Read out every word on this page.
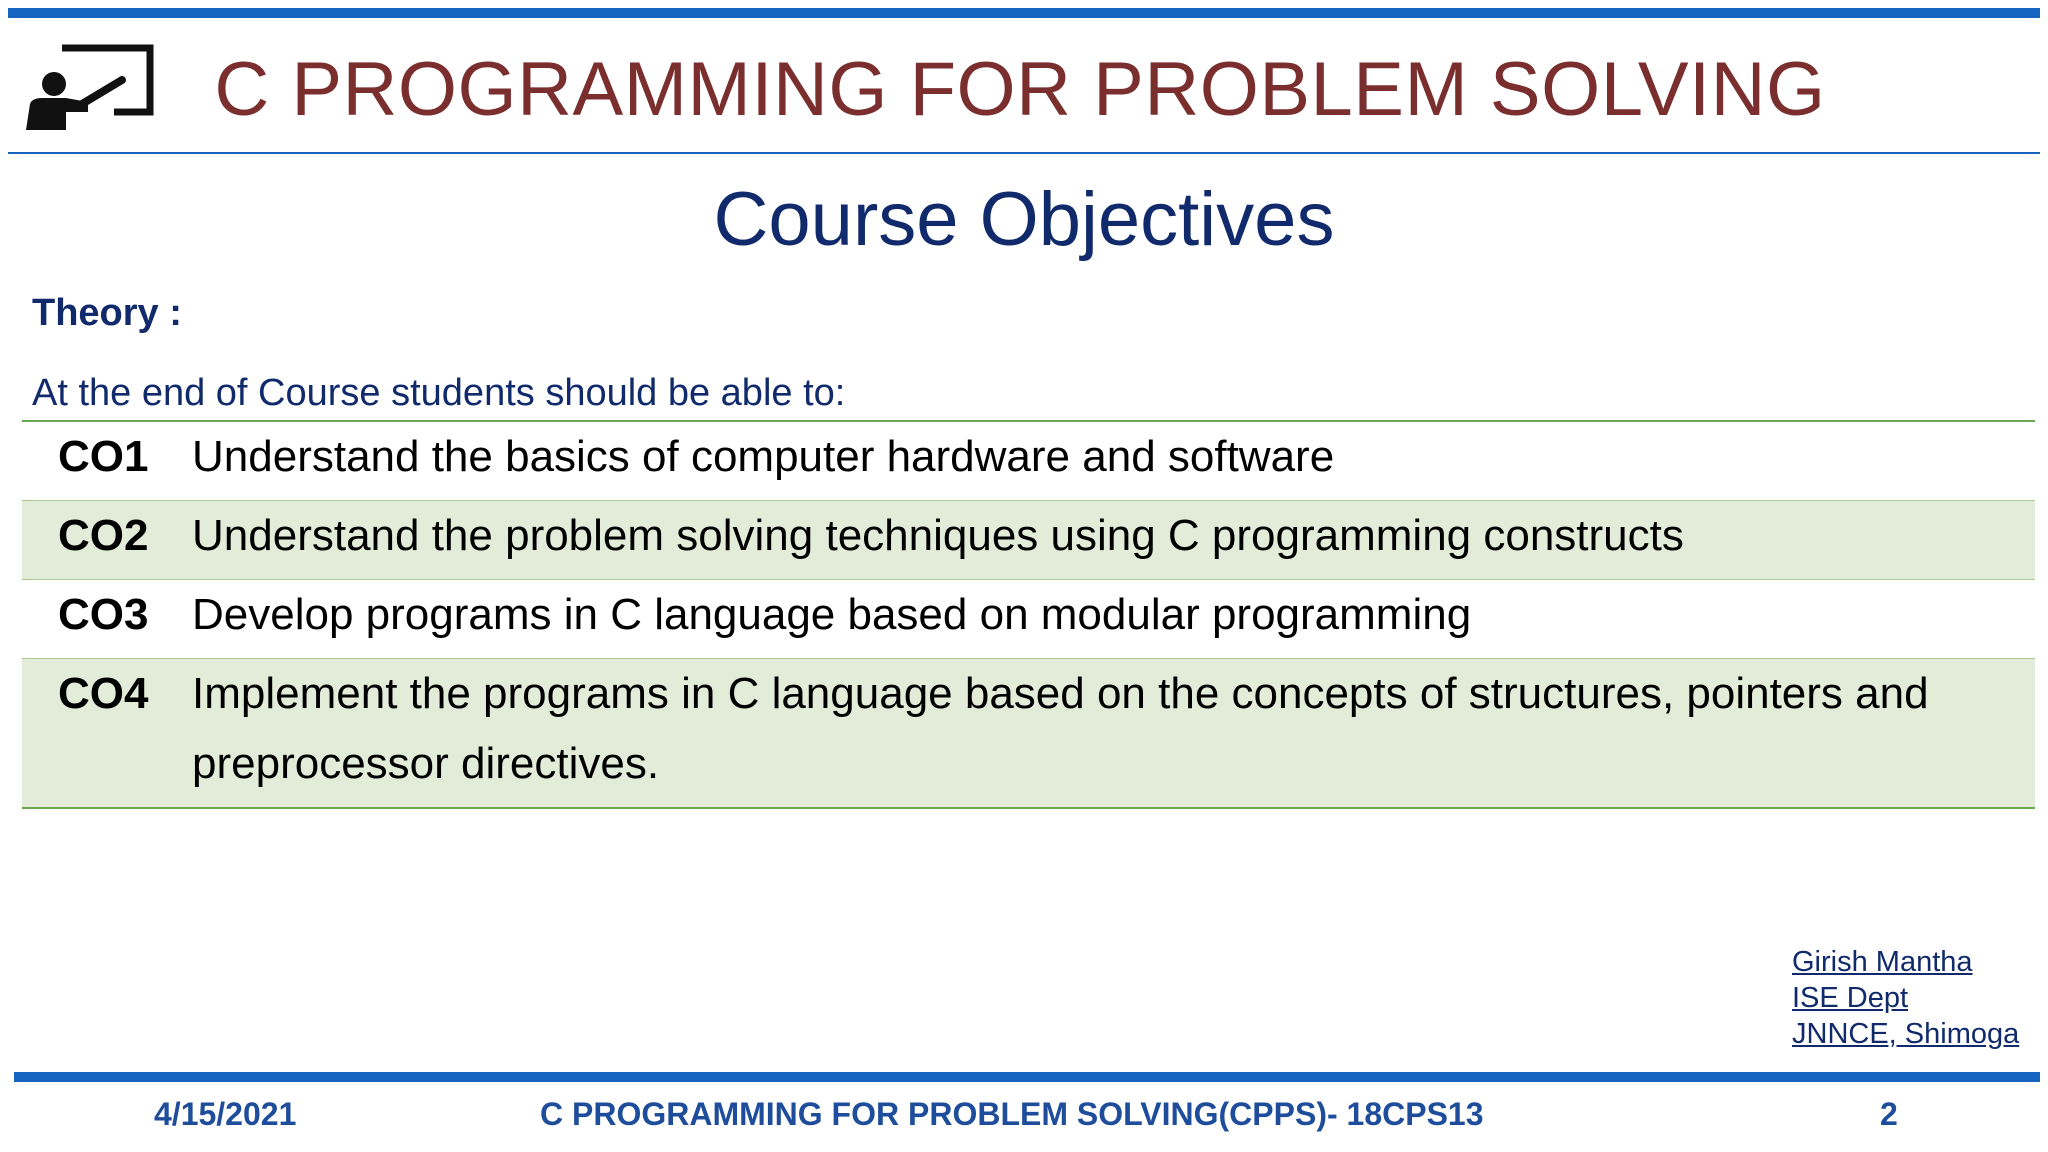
C PROGRAMMING FOR PROBLEM SOLVING
Course Objectives
Theory :
At the end of Course students should be able to:
CO1 Understand the basics of computer hardware and software
CO2 Understand the problem solving techniques using C programming constructs
CO3 Develop programs in C language based on modular programming
CO4 Implement the programs in C language based on the concepts of structures, pointers and preprocessor directives.
Girish Mantha
ISE Dept
JNNCE, Shimoga
4/15/2021	C PROGRAMMING FOR PROBLEM SOLVING(CPPS)- 18CPS13	2
